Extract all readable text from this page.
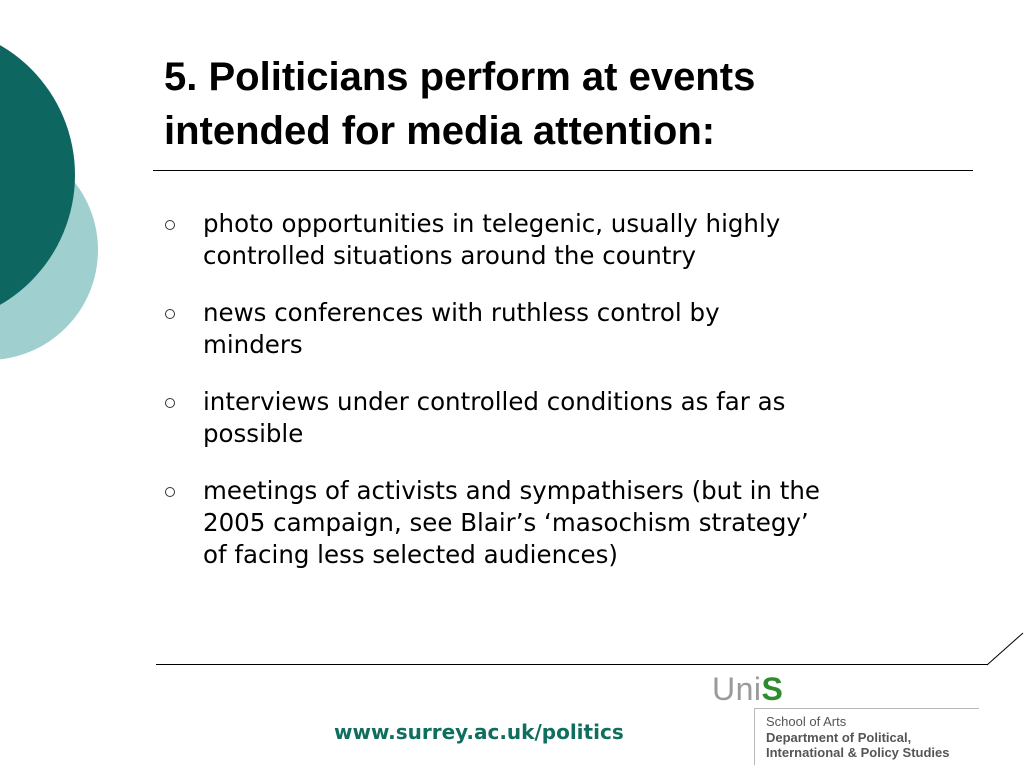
5. Politicians perform at events
intended for media attention:
photo opportunities in telegenic, usually highly
controlled situations around the country
news conferences with ruthless control by
minders
interviews under controlled conditions as far as
possible
meetings of activists and sympathisers (but in the
2005 campaign, see Blair’s ‘masochism strategy’
of facing less selected audiences)
www.surrey.ac.uk/politics
UniS
School of Arts
Department of Political,
International & Policy Studies
